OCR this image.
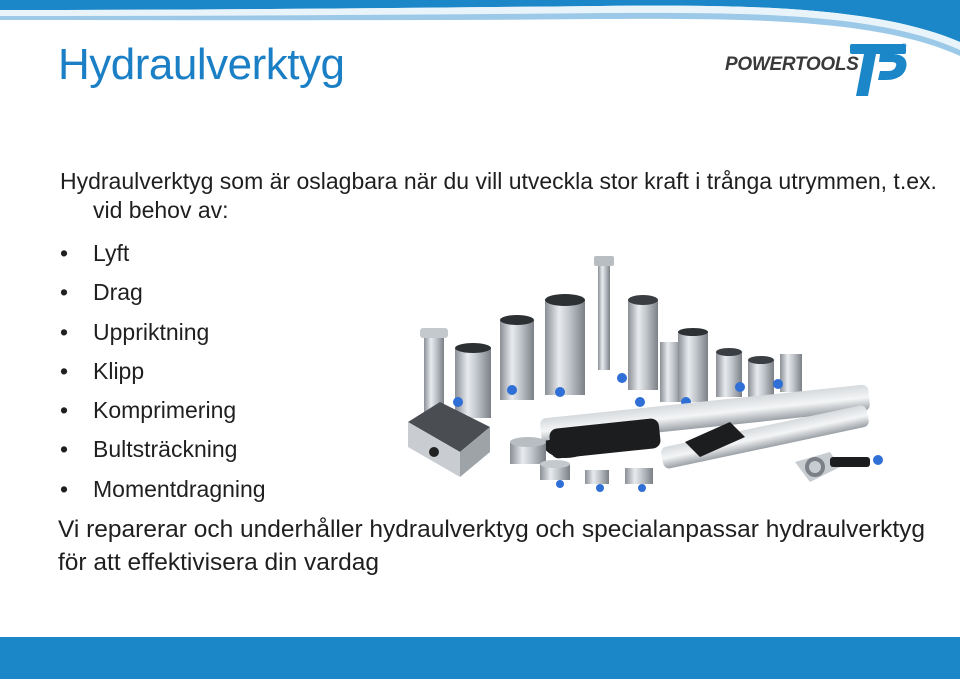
Hydraulverktyg	POWERTOOLS
®

Hydraulverktyg som är oslagbara när du vill utveckla stor kraft i trånga utrymmen, t.ex. vid behov av:

• Lyft
• Drag
• Uppriktning
• Klipp
• Komprimering
• Bultsträckning
• Momentdragning

Vi reparerar och underhåller hydraulverktyg och specialanpassar hydraulverktyg för att effektivisera din vardag
